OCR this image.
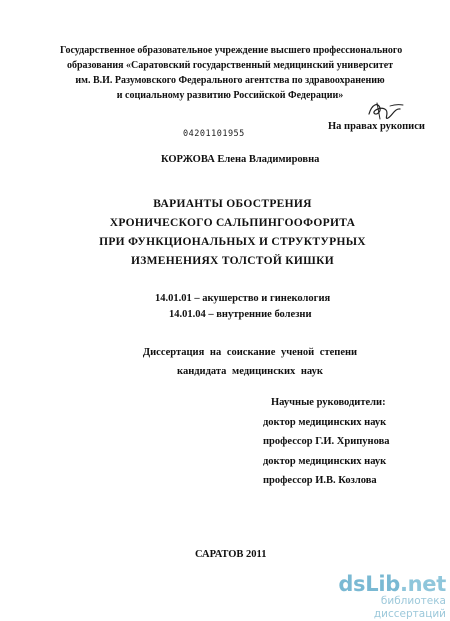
Государственное образовательное учреждение высшего профессионального
образования «Саратовский государственный медицинский университет
им. В.И. Разумовского Федерального агентства по здравоохранению
и социальному развитию Российской Федерации»
На правах рукописи
04201101955
КОРЖОВА Елена Владимировна
ВАРИАНТЫ ОБОСТРЕНИЯ
ХРОНИЧЕСКОГО САЛЬПИНГООФОРИТА
ПРИ ФУНКЦИОНАЛЬНЫХ И СТРУКТУРНЫХ
ИЗМЕНЕНИЯХ ТОЛСТОЙ КИШКИ
14.01.01 – акушерство и гинекология
14.01.04 – внутренние болезни
Диссертация на соискание ученой степени
кандидата медицинских наук
Научные руководители:
доктор медицинских наук
профессор Г.И. Хрипунова
доктор медицинских наук
профессор И.В. Козлова
САРАТОВ 2011
dsLib.net
библиотека диссертаций
